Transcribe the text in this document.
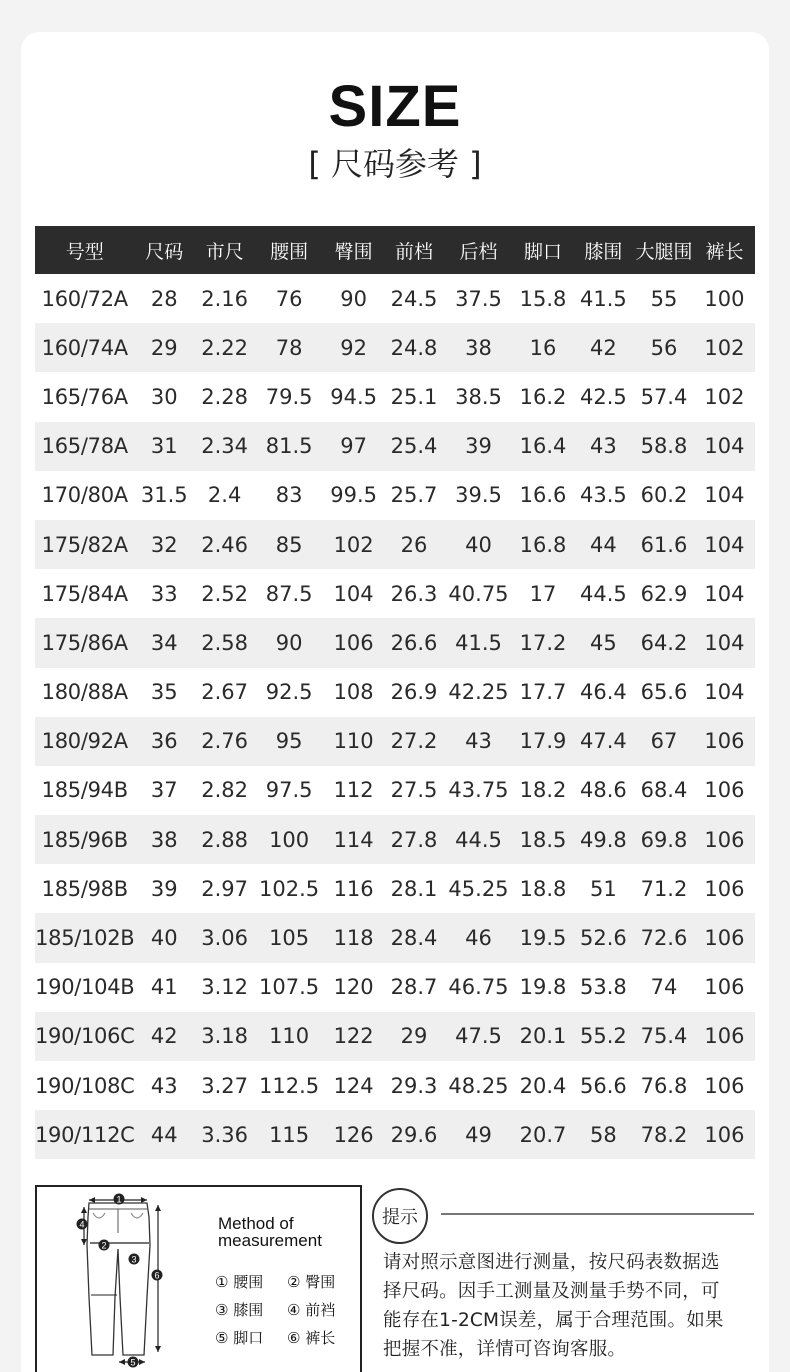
SIZE
[ 尺码参考 ]
号型	尺码	市尺	腰围	臀围	前档	后档	脚口	膝围	大腿围	裤长
160/72A	28	2.16	76	90	24.5	37.5	15.8	41.5	55	100
160/74A	29	2.22	78	92	24.8	38	16	42	56	102
165/76A	30	2.28	79.5	94.5	25.1	38.5	16.2	42.5	57.4	102
165/78A	31	2.34	81.5	97	25.4	39	16.4	43	58.8	104
170/80A	31.5	2.4	83	99.5	25.7	39.5	16.6	43.5	60.2	104
175/82A	32	2.46	85	102	26	40	16.8	44	61.6	104
175/84A	33	2.52	87.5	104	26.3	40.75	17	44.5	62.9	104
175/86A	34	2.58	90	106	26.6	41.5	17.2	45	64.2	104
180/88A	35	2.67	92.5	108	26.9	42.25	17.7	46.4	65.6	104
180/92A	36	2.76	95	110	27.2	43	17.9	47.4	67	106
185/94B	37	2.82	97.5	112	27.5	43.75	18.2	48.6	68.4	106
185/96B	38	2.88	100	114	27.8	44.5	18.5	49.8	69.8	106
185/98B	39	2.97	102.5	116	28.1	45.25	18.8	51	71.2	106
185/102B	40	3.06	105	118	28.4	46	19.5	52.6	72.6	106
190/104B	41	3.12	107.5	120	28.7	46.75	19.8	53.8	74	106
190/106C	42	3.18	110	122	29	47.5	20.1	55.2	75.4	106
190/108C	43	3.27	112.5	124	29.3	48.25	20.4	56.6	76.8	106
190/112C	44	3.36	115	126	29.6	49	20.7	58	78.2	106
1
2
3
4
5
6
Method of
measurement
① 腰围	② 臀围
③ 膝围	④ 前裆
⑤ 脚口	⑥ 裤长
提示
请对照示意图进行测量，按尺码表数据选
择尺码。因手工测量及测量手势不同，可
能存在1-2CM误差，属于合理范围。如果
把握不准，详情可咨询客服。
